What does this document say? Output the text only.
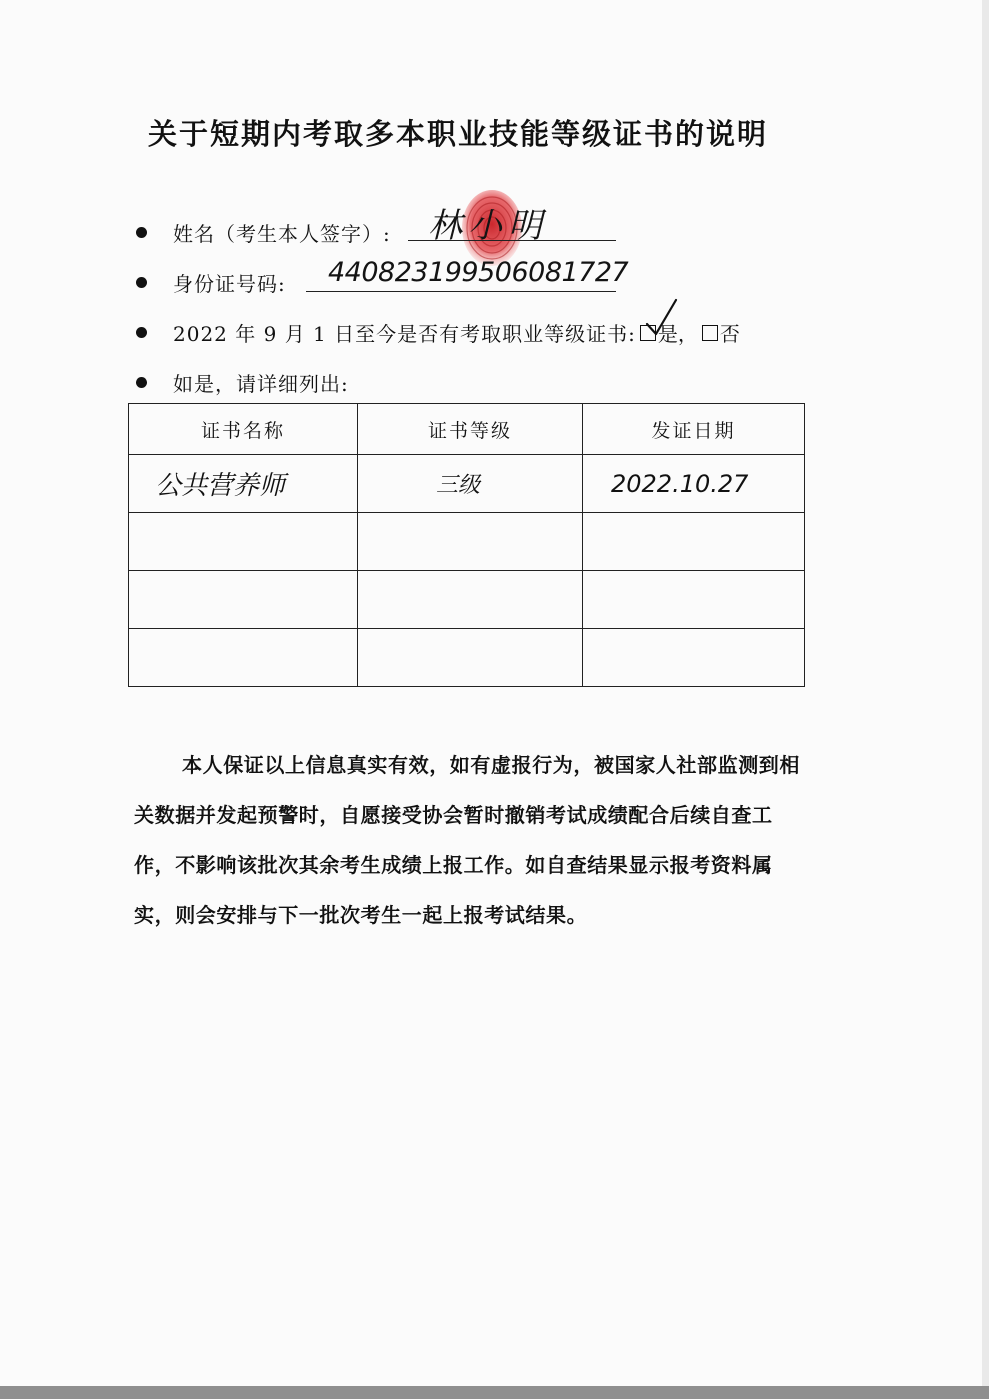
关于短期内考取多本职业技能等级证书的说明
姓名（考生本人签字）: 林小明
身份证号码: 440823199506081727
2022 年 9 月 1 日至今是否有考取职业等级证书: 是， 否
如是，请详细列出:
证书名称	证书等级	发证日期
公共营养师	三级	2022.10.27

本人保证以上信息真实有效，如有虚报行为，被国家人社部监测到相关数据并发起预警时，自愿接受协会暂时撤销考试成绩配合后续自查工作，不影响该批次其余考生成绩上报工作。如自查结果显示报考资料属实，则会安排与下一批次考生一起上报考试结果。
